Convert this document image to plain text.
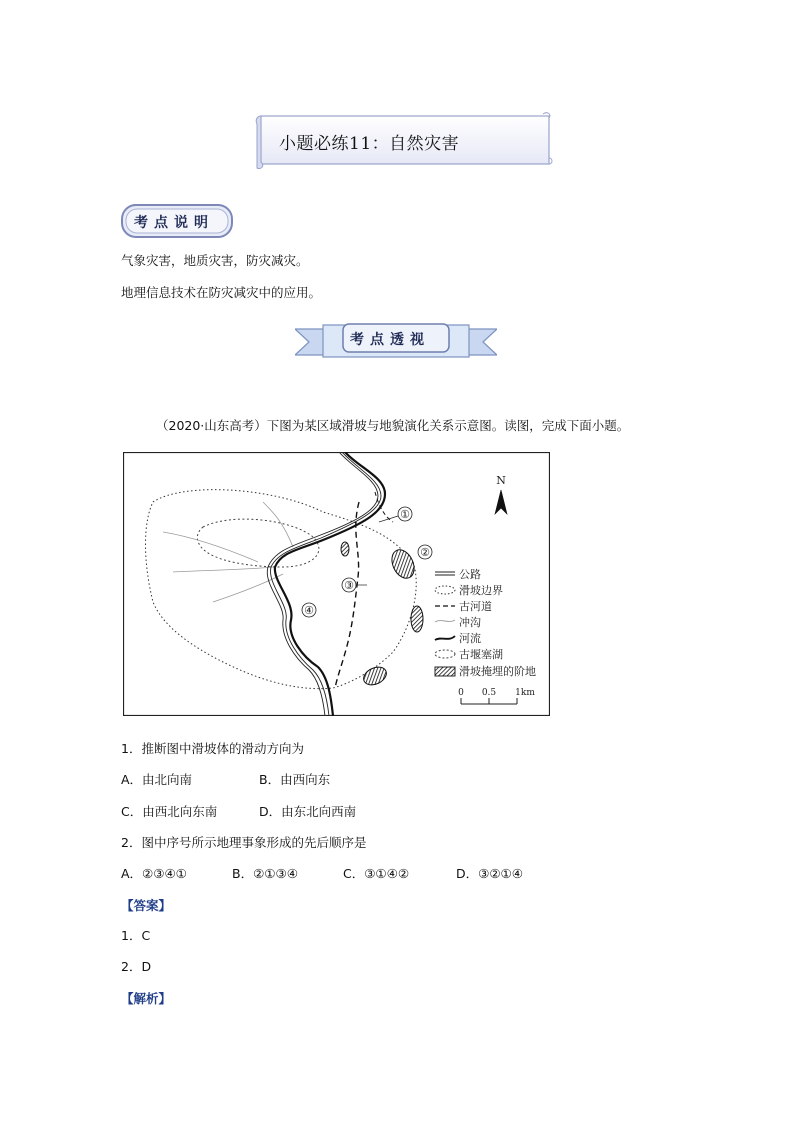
小题必练11：自然灾害
考点说明
气象灾害，地质灾害，防灾减灾。
地理信息技术在防灾减灾中的应用。
考点透视
（2020·山东高考）下图为某区域滑坡与地貌演化关系示意图。读图，完成下面小题。
①
②
③
④
N
公路
滑坡边界
古河道
冲沟
河流
古堰塞湖
滑坡掩埋的阶地
0 0.5 1km
1．推断图中滑坡体的滑动方向为
A．由北向南	B．由西向东
C．由西北向东南	D．由东北向西南
2．图中序号所示地理事象形成的先后顺序是
A．②③④①	B．②①③④	C．③①④②	D．③②①④
【答案】
1．C
2．D
【解析】
